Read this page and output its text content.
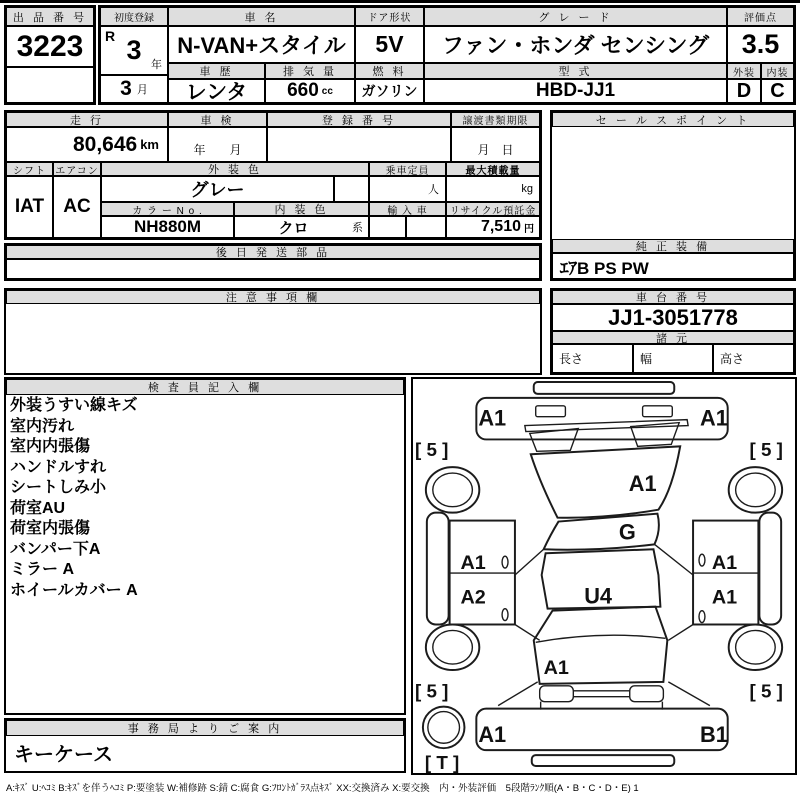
出 品 番 号
3223
初度登録
R 3 年
3 月
車 名
N-VAN+スタイル
車 歴
レンタ
排 気 量
660 cc
ドア形状
5V
燃 料
ガソリン
グ レ ー ド
ファン・ホンダ センシング
型 式
HBD-JJ1
評価点
3.5
外装	内装
D C
走 行
80,646 km
車 検
年　　月
登 録 番 号	譲渡書類期限
月　日
シフト エアコン
IAT	AC
外 装 色
グレー
乗車定員
人
最大積載量
kg
カ ラ ー N o .
NH880M
内 装 色
クロ	系
輸 入 車	リサイクル預託金
7,510 円
後 日 発 送 部 品
注 意 事 項 欄
セ ー ル ス ポ イ ン ト
純 正 装 備
ｴｱB PS PW
車 台 番 号
JJ1-3051778
諸 元
長さ	幅	高さ
検 査 員 記 入 欄
外装うすい線キズ
室内汚れ
室内内張傷
ハンドルすれ
シートしみ小
荷室AU
荷室内張傷
バンパー下A
ミラー A
ホイールカバー A
事 務 局 よ り ご 案 内
キーケース
A1	A1
A1
G
A1
A2
A1
A1
U4
A1
A1	B1
[ 5 ]	[ 5 ]
[ 5 ]	[ 5 ]
[ T ]
A:ｷｽﾞ U:ﾍｺﾐ B:ｷｽﾞを伴うﾍｺﾐ P:要塗装 W:補修跡 S:錆 C:腐食 G:ﾌﾛﾝﾄｶﾞﾗｽ点ｷｽﾞ XX:交換済み X:要交換　内・外装評価　5段階ﾗﾝｸ順(A・B・C・D・E) 1
